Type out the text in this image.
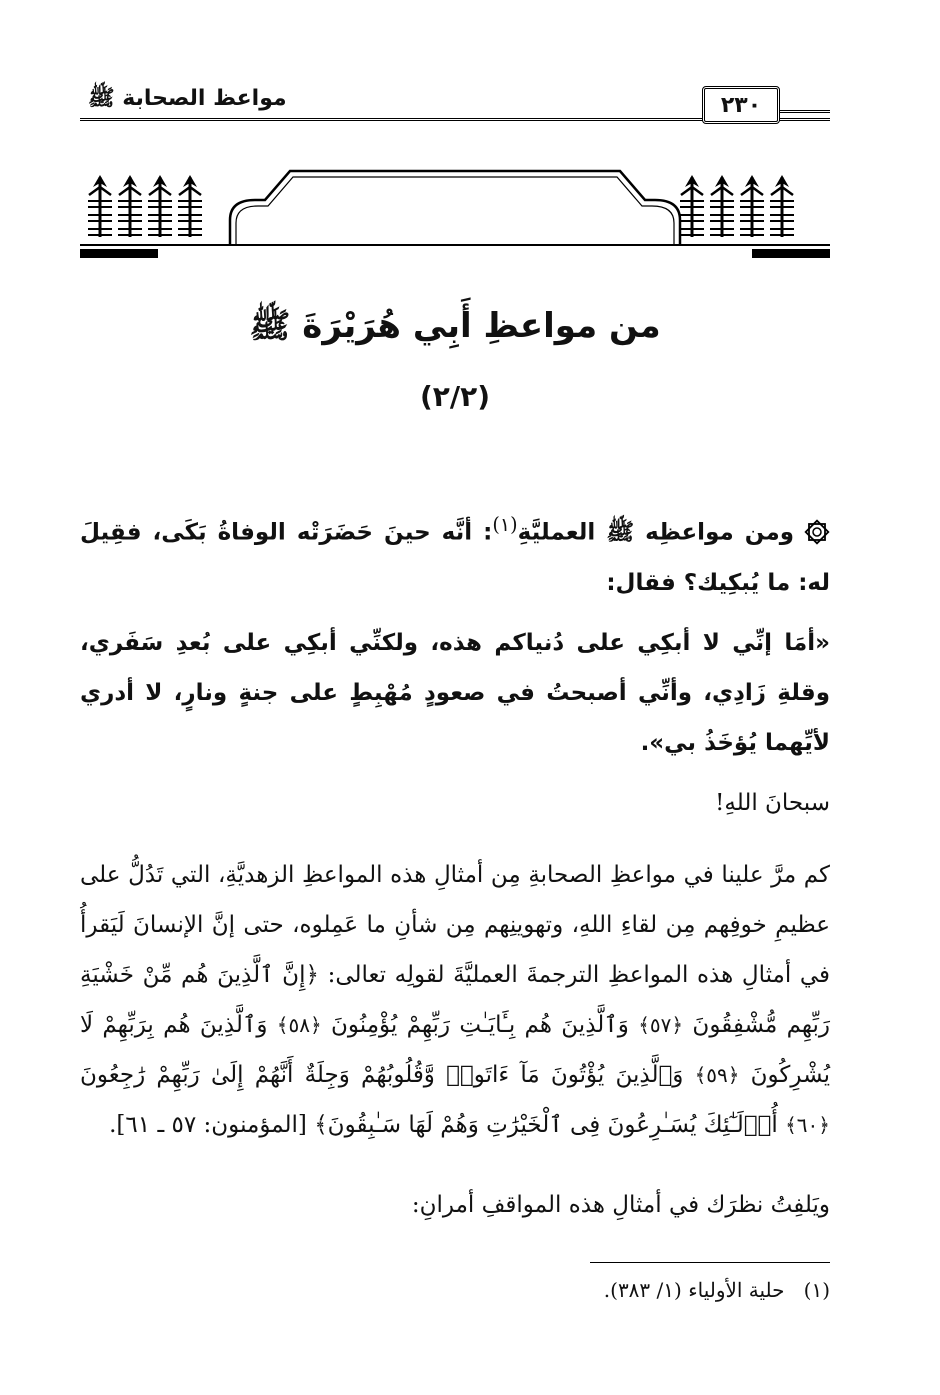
مواعظ الصحابة ﷺ	٢٣٠
من مواعظِ أَبِي هُرَيْرَةَ ﷺ
(٢/٢)

ومن مواعظِه ﷺ العمليَّةِ$^{(١)}$: أنَّه حينَ حَضَرَتْه الوفاةُ بَكَى، فقِيلَ له: ما يُبكِيك؟ فقال:

«أمَا إنِّي لا أبكِي على دُنياكم هذه، ولكنِّي أبكِي على بُعدِ سَفَري، وقلةِ زَادِي، وأنِّي أصبحتُ في صعودٍ مُهْبِطٍ على جنةٍ ونارٍ، لا أدري لأيِّهما يُؤخَذُ بي».

سبحانَ اللهِ!

كم مرَّ علينا في مواعظِ الصحابةِ مِن أمثالِ هذه المواعظِ الزهديَّةِ، التي تَدُلُّ على عظيمِ خوفِهم مِن لقاءِ اللهِ، وتهوينِهم مِن شأنِ ما عَمِلوه، حتى إنَّ الإنسانَ لَيَقرأُ في أمثالِ هذه المواعظِ الترجمةَ العمليَّةَ لقولِه تعالى: ﴿إِنَّ ٱلَّذِينَ هُم مِّنْ خَشْيَةِ رَبِّهِم مُّشْفِقُونَ ﴿٥٧﴾ وَٱلَّذِينَ هُم بِـَٔايَـٰتِ رَبِّهِمْ يُؤْمِنُونَ ﴿٥٨﴾ وَٱلَّذِينَ هُم بِرَبِّهِمْ لَا يُشْرِكُونَ ﴿٥٩﴾ وَٱلَّذِينَ يُؤْتُونَ مَآ ءَاتَوا۟ وَّقُلُوبُهُمْ وَجِلَةٌ أَنَّهُمْ إِلَىٰ رَبِّهِمْ رَٰجِعُونَ ﴿٦٠﴾ أُو۟لَـٰٓئِكَ يُسَـٰرِعُونَ فِى ٱلْخَيْرَٰتِ وَهُمْ لَهَا سَـٰبِقُونَ﴾ [المؤمنون: ٥٧ ـ ٦١].

ويَلفِتُ نظرَك في أمثالِ هذه المواقفِ أمرانِ:

(١)   حلية الأولياء (١/ ٣٨٣).
